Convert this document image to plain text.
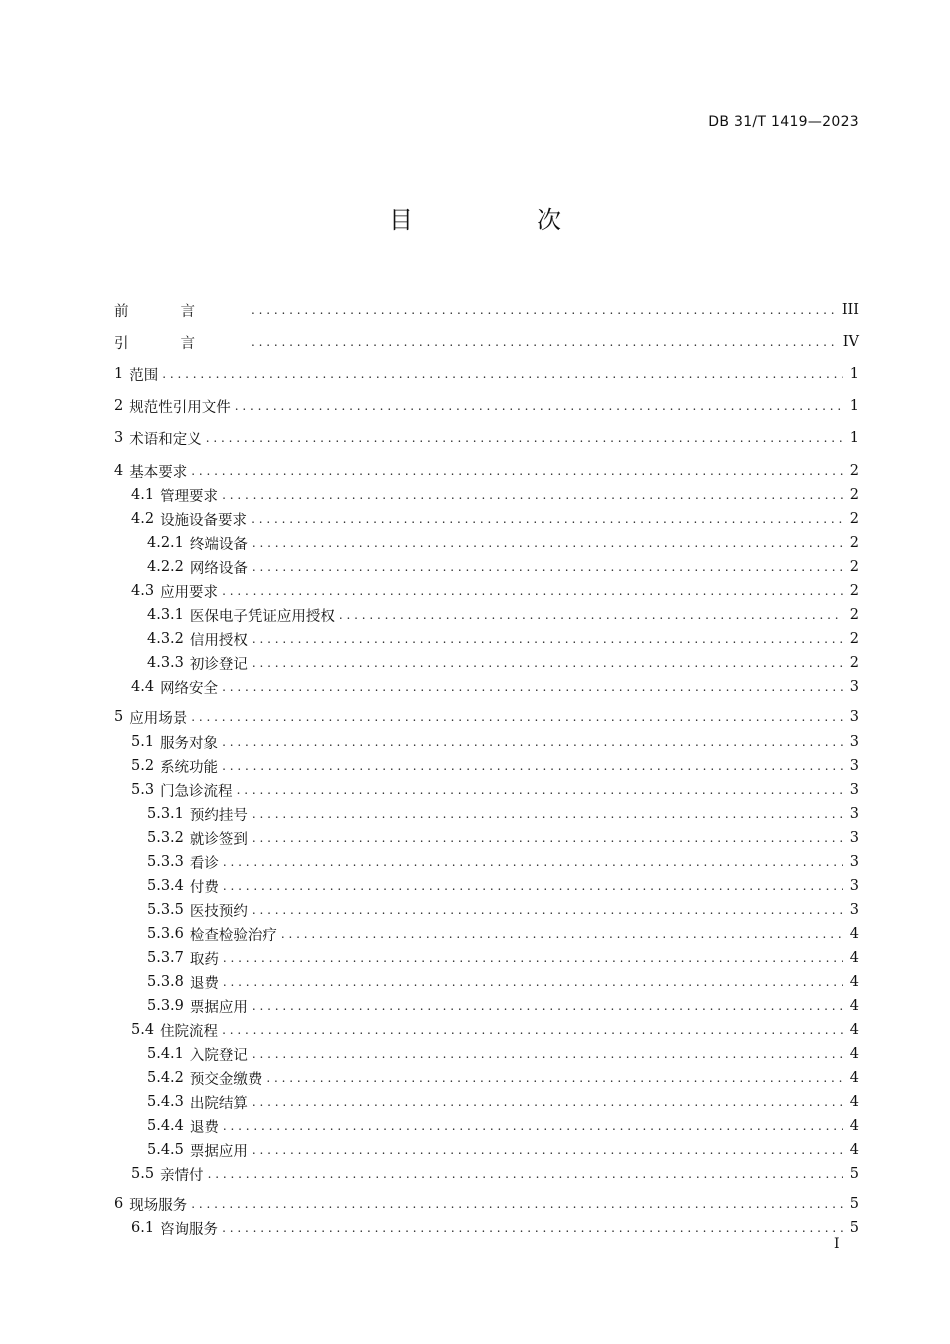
DB 31/T 1419—2023
目　次
前言 . . .	III
引言 . . .	IV
1 范围 . . .	1
2 规范性引用文件 . . .	1
3 术语和定义 . . .	1
4 基本要求 . . .	2
4.1 管理要求 . . .	2
4.2 设施设备要求 . . .	2
4.2.1 终端设备 . . .	2
4.2.2 网络设备 . . .	2
4.3 应用要求 . . .	2
4.3.1 医保电子凭证应用授权 . . .	2
4.3.2 信用授权 . . .	2
4.3.3 初诊登记 . . .	2
4.4 网络安全 . . .	3
5 应用场景 . . .	3
5.1 服务对象 . . .	3
5.2 系统功能 . . .	3
5.3 门急诊流程 . . .	3
5.3.1 预约挂号 . . .	3
5.3.2 就诊签到 . . .	3
5.3.3 看诊 . . .	3
5.3.4 付费 . . .	3
5.3.5 医技预约 . . .	3
5.3.6 检查检验治疗 . . .	4
5.3.7 取药 . . .	4
5.3.8 退费 . . .	4
5.3.9 票据应用 . . .	4
5.4 住院流程 . . .	4
5.4.1 入院登记 . . .	4
5.4.2 预交金缴费 . . .	4
5.4.3 出院结算 . . .	4
5.4.4 退费 . . .	4
5.4.5 票据应用 . . .	4
5.5 亲情付 . . .	5
6 现场服务 . . .	5
6.1 咨询服务 . . .	5
I
